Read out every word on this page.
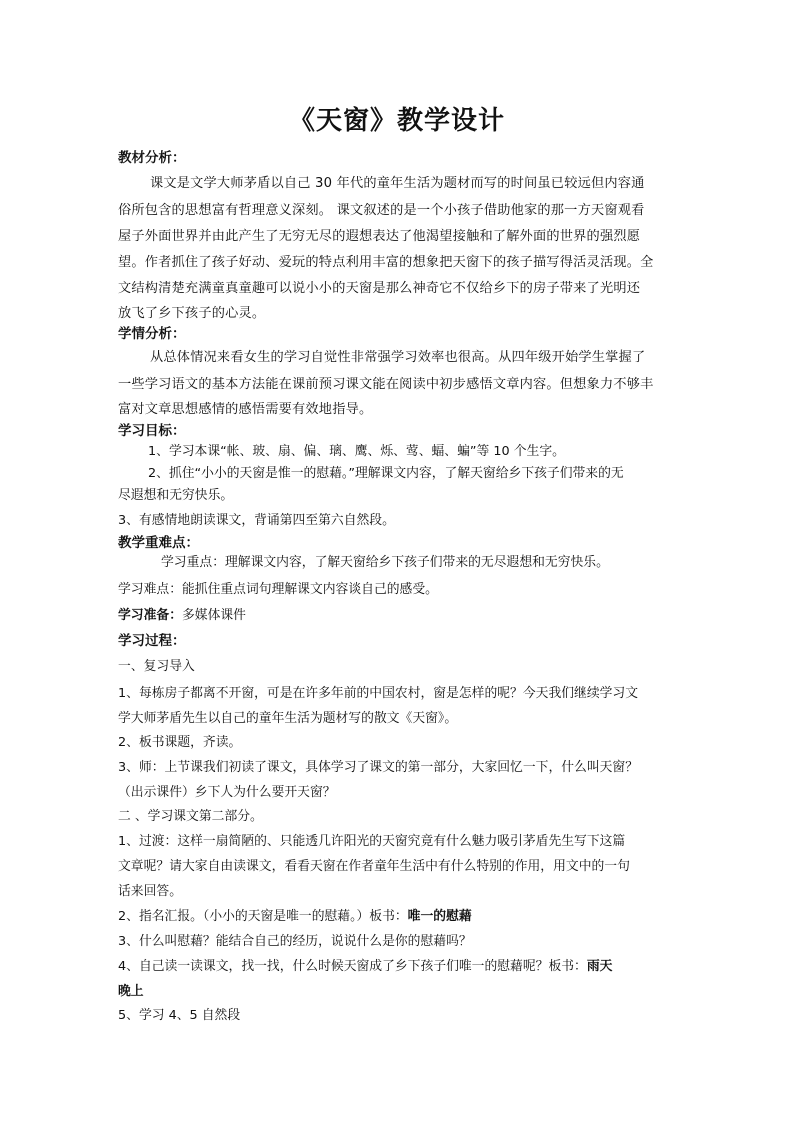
《天窗》教学设计
教材分析：
课文是文学大师茅盾以自己 30 年代的童年生活为题材而写的时间虽已较远但内容通
俗所包含的思想富有哲理意义深刻。 课文叙述的是一个小孩子借助他家的那一方天窗观看
屋子外面世界并由此产生了无穷无尽的遐想表达了他渴望接触和了解外面的世界的强烈愿
望。作者抓住了孩子好动、爱玩的特点利用丰富的想象把天窗下的孩子描写得活灵活现。全
文结构清楚充满童真童趣可以说小小的天窗是那么神奇它不仅给乡下的房子带来了光明还
放飞了乡下孩子的心灵。
学情分析：
从总体情况来看女生的学习自觉性非常强学习效率也很高。从四年级开始学生掌握了
一些学习语文的基本方法能在课前预习课文能在阅读中初步感悟文章内容。但想象力不够丰
富对文章思想感情的感悟需要有效地指导。
学习目标：
1、学习本课“帐、玻、扇、偏、璃、鹰、烁、莺、蝠、蝙”等 10 个生字。
2、抓住“小小的天窗是惟一的慰藉。”理解课文内容，了解天窗给乡下孩子们带来的无
尽遐想和无穷快乐。
3、有感情地朗读课文，背诵第四至第六自然段。
教学重难点：
学习重点：理解课文内容，了解天窗给乡下孩子们带来的无尽遐想和无穷快乐。
学习难点：能抓住重点词句理解课文内容谈自己的感受。
学习准备：多媒体课件
学习过程：
一、复习导入
1、每栋房子都离不开窗，可是在许多年前的中国农村，窗是怎样的呢？今天我们继续学习文
学大师茅盾先生以自己的童年生活为题材写的散文《天窗》。
2、板书课题，齐读。
3、师：上节课我们初读了课文，具体学习了课文的第一部分，大家回忆一下，什么叫天窗？
（出示课件）乡下人为什么要开天窗？
二 、学习课文第二部分。
1、过渡：这样一扇简陋的、只能透几许阳光的天窗究竟有什么魅力吸引茅盾先生写下这篇
文章呢？请大家自由读课文，看看天窗在作者童年生活中有什么特别的作用，用文中的一句
话来回答。
2、指名汇报。（小小的天窗是唯一的慰藉。）板书：唯一的慰藉
3、什么叫慰藉？能结合自己的经历，说说什么是你的慰藉吗？
4、自己读一读课文，找一找，什么时候天窗成了乡下孩子们唯一的慰藉呢？板书：雨天
晚上
5、学习 4、5 自然段
